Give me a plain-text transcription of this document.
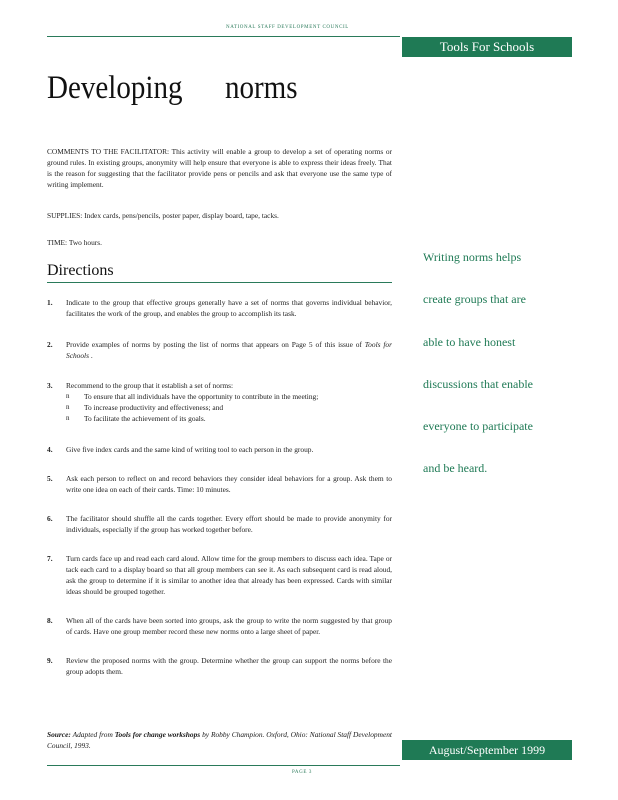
NATIONAL STAFF DEVELOPMENT COUNCIL
Tools For Schools
Developing norms
COMMENTS TO THE FACILITATOR: This activity will enable a group to develop a set of operating norms or ground rules. In existing groups, anonymity will help ensure that everyone is able to express their ideas freely. That is the reason for suggesting that the facilitator provide pens or pencils and ask that everyone use the same type of writing implement.
SUPPLIES: Index cards, pens/pencils, poster paper, display board, tape, tacks.
TIME: Two hours.
Directions
1.	Indicate to the group that effective groups generally have a set of norms that governs individual behavior, facilitates the work of the group, and enables the group to accomplish its task.
2.	Provide examples of norms by posting the list of norms that appears on Page 5 of this issue of Tools for Schools .
3.	Recommend to the group that it establish a set of norms:
n	To ensure that all individuals have the opportunity to contribute in the meeting;
n	To increase productivity and effectiveness; and
n	To facilitate the achievement of its goals.
4.	Give five index cards and the same kind of writing tool to each person in the group.
5.	Ask each person to reflect on and record behaviors they consider ideal behaviors for a group. Ask them to write one idea on each of their cards. Time: 10 minutes.
6.	The facilitator should shuffle all the cards together. Every effort should be made to provide anonymity for individuals, especially if the group has worked together before.
7.	Turn cards face up and read each card aloud. Allow time for the group members to discuss each idea. Tape or tack each card to a display board so that all group members can see it. As each subsequent card is read aloud, ask the group to determine if it is similar to another idea that already has been expressed. Cards with similar ideas should be grouped together.
8.	When all of the cards have been sorted into groups, ask the group to write the norm suggested by that group of cards. Have one group member record these new norms onto a large sheet of paper.
9.	Review the proposed norms with the group. Determine whether the group can support the norms before the group adopts them.
Source: Adapted from Tools for change workshops by Robby Champion. Oxford, Ohio: National Staff Development Council, 1993.
Writing norms helps
create groups that are
able to have honest
discussions that enable
everyone to participate
and be heard.
August/September 1999
PAGE 3
